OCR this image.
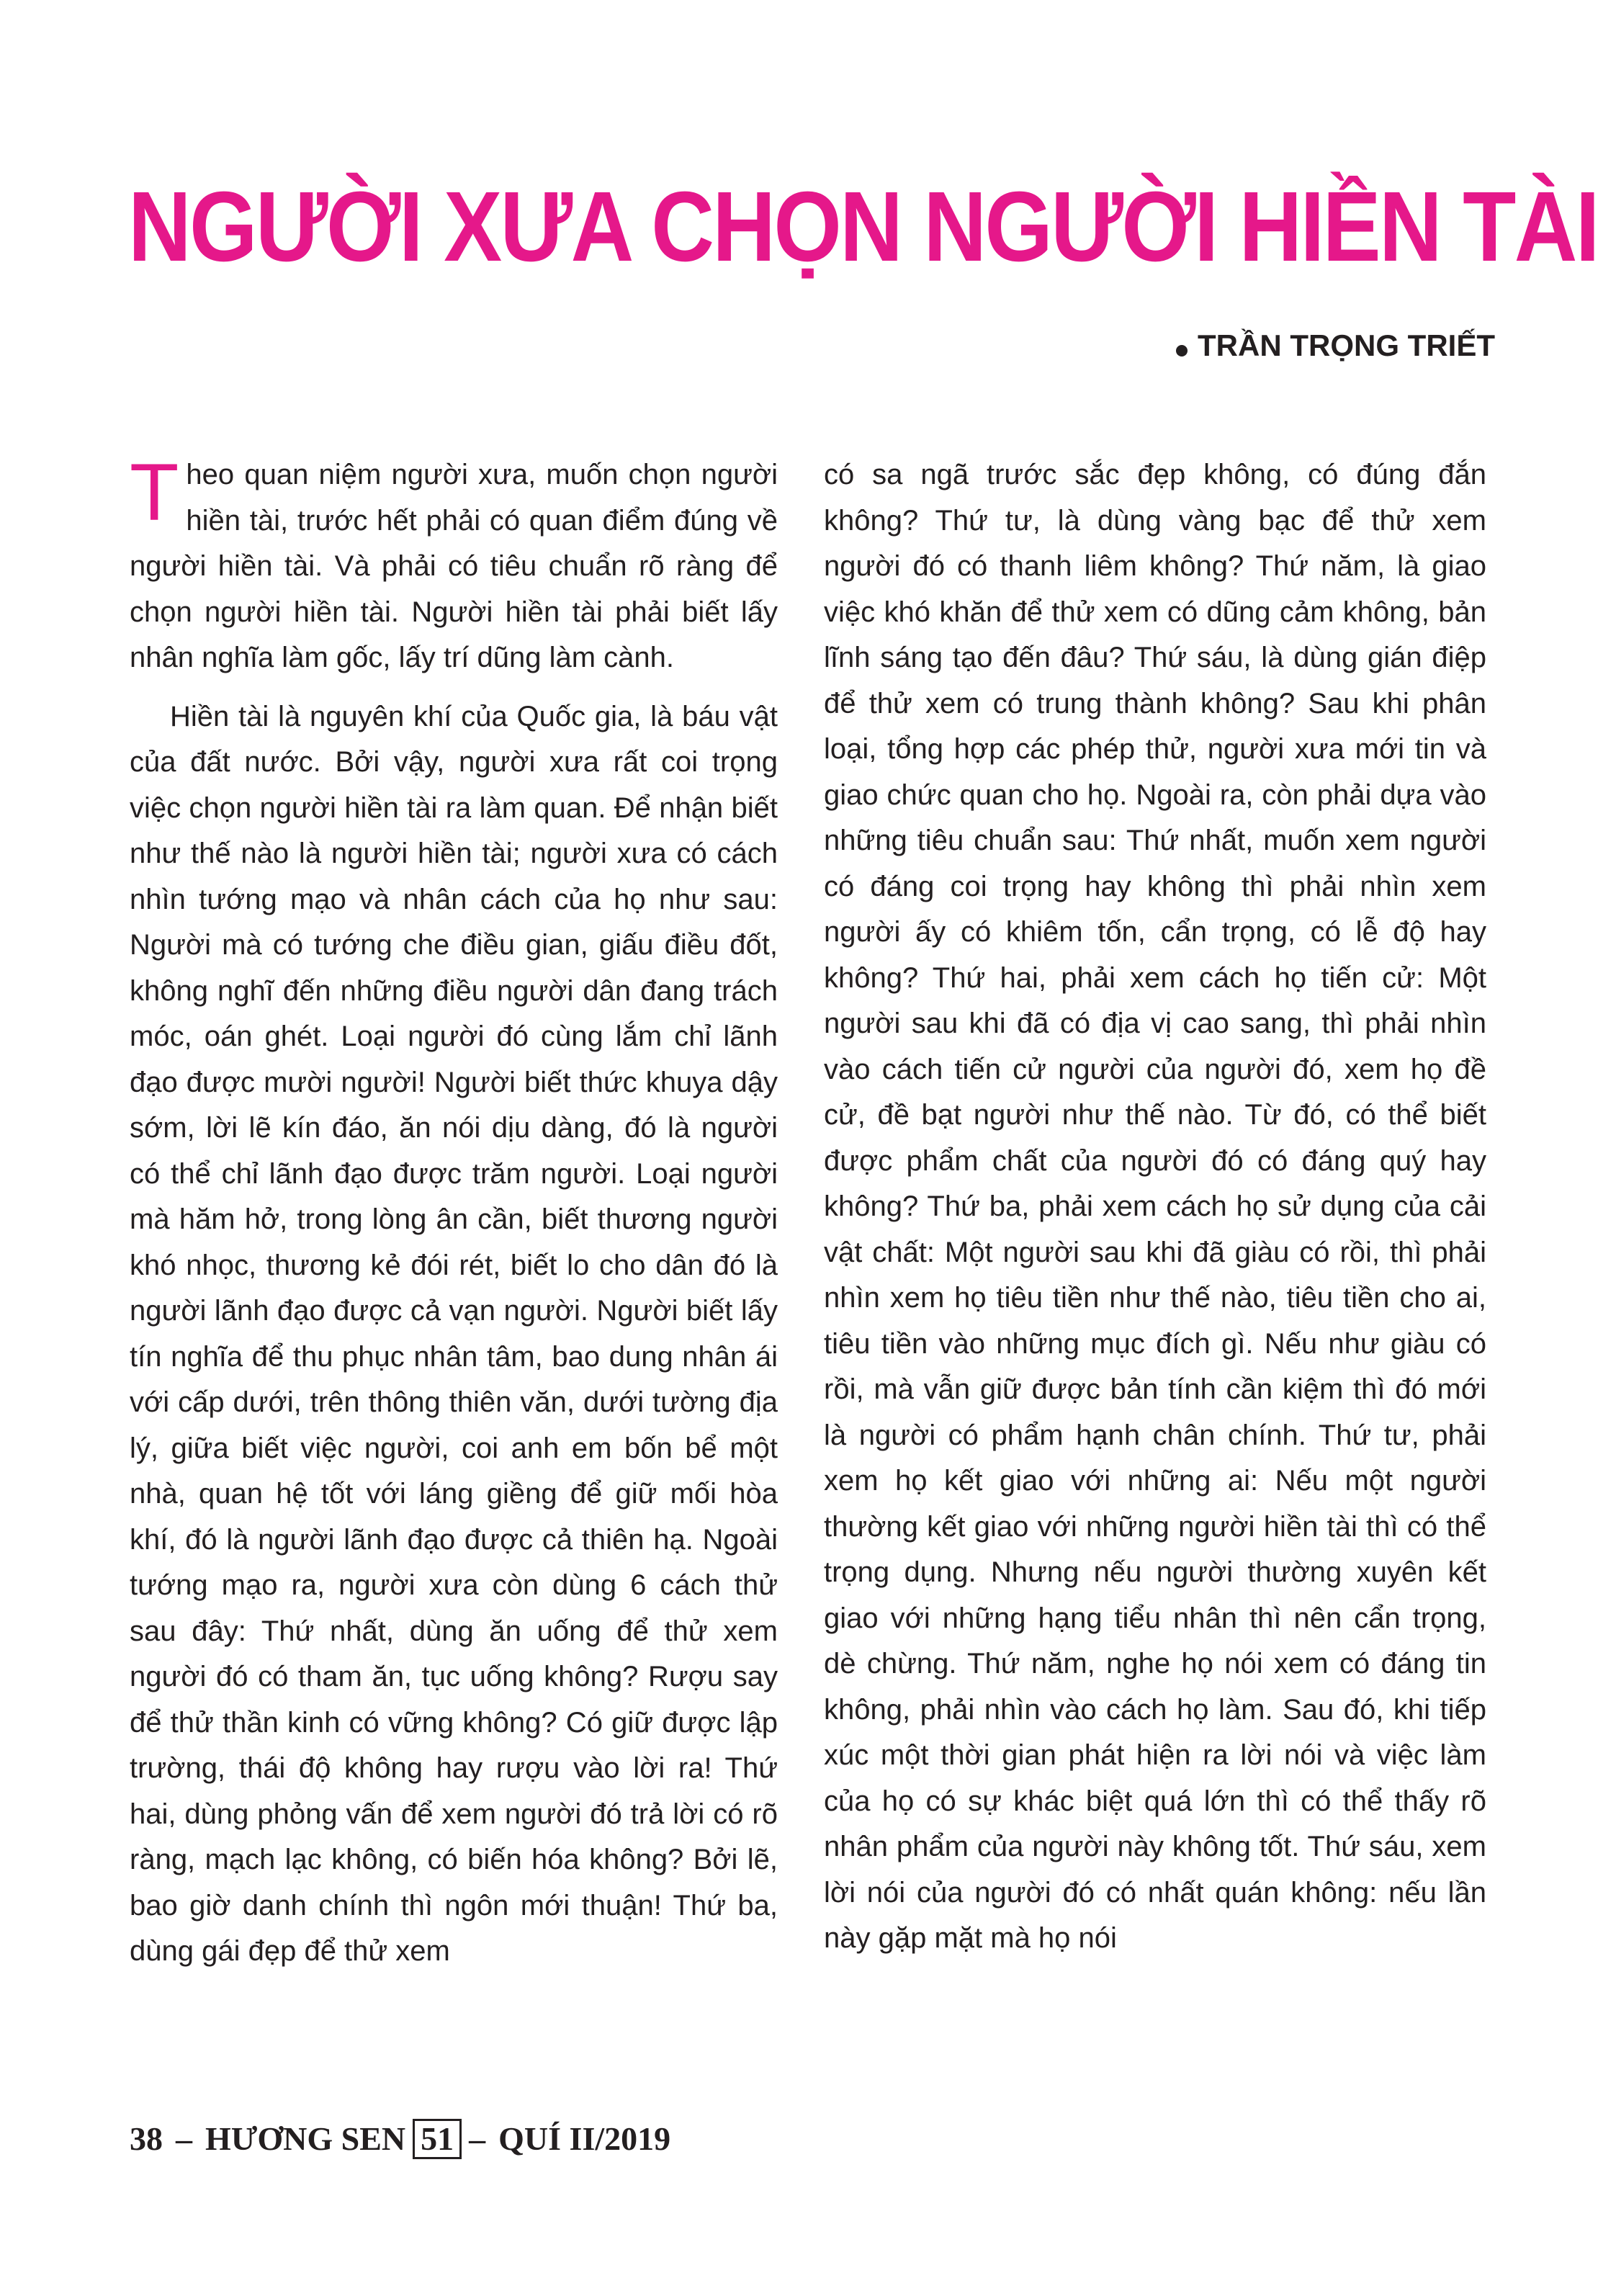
NGƯỜI XƯA CHỌN NGƯỜI HIỀN TÀI
TRẦN TRỌNG TRIẾT

Theo quan niệm người xưa, muốn chọn người hiền tài, trước hết phải có quan điểm đúng về người hiền tài. Và phải có tiêu chuẩn rõ ràng để chọn người hiền tài. Người hiền tài phải biết lấy nhân nghĩa làm gốc, lấy trí dũng làm cành.

Hiền tài là nguyên khí của Quốc gia, là báu vật của đất nước. Bởi vậy, người xưa rất coi trọng việc chọn người hiền tài ra làm quan. Để nhận biết như thế nào là người hiền tài; người xưa có cách nhìn tướng mạo và nhân cách của họ như sau: Người mà có tướng che điều gian, giấu điều đốt, không nghĩ đến những điều người dân đang trách móc, oán ghét. Loại người đó cùng lắm chỉ lãnh đạo được mười người! Người biết thức khuya dậy sớm, lời lẽ kín đáo, ăn nói dịu dàng, đó là người có thể chỉ lãnh đạo được trăm người. Loại người mà hăm hở, trong lòng ân cần, biết thương người khó nhọc, thương kẻ đói rét, biết lo cho dân đó là người lãnh đạo được cả vạn người. Người biết lấy tín nghĩa để thu phục nhân tâm, bao dung nhân ái với cấp dưới, trên thông thiên văn, dưới tường địa lý, giữa biết việc người, coi anh em bốn bể một nhà, quan hệ tốt với láng giềng để giữ mối hòa khí, đó là người lãnh đạo được cả thiên hạ. Ngoài tướng mạo ra, người xưa còn dùng 6 cách thử sau đây: Thứ nhất, dùng ăn uống để thử xem người đó có tham ăn, tục uống không? Rượu say để thử thần kinh có vững không? Có giữ được lập trường, thái độ không hay rượu vào lời ra! Thứ hai, dùng phỏng vấn để xem người đó trả lời có rõ ràng, mạch lạc không, có biến hóa không? Bởi lẽ, bao giờ danh chính thì ngôn mới thuận! Thứ ba, dùng gái đẹp để thử xem

có sa ngã trước sắc đẹp không, có đúng đắn không? Thứ tư, là dùng vàng bạc để thử xem người đó có thanh liêm không? Thứ năm, là giao việc khó khăn để thử xem có dũng cảm không, bản lĩnh sáng tạo đến đâu? Thứ sáu, là dùng gián điệp để thử xem có trung thành không? Sau khi phân loại, tổng hợp các phép thử, người xưa mới tin và giao chức quan cho họ. Ngoài ra, còn phải dựa vào những tiêu chuẩn sau: Thứ nhất, muốn xem người có đáng coi trọng hay không thì phải nhìn xem người ấy có khiêm tốn, cẩn trọng, có lễ độ hay không? Thứ hai, phải xem cách họ tiến cử: Một người sau khi đã có địa vị cao sang, thì phải nhìn vào cách tiến cử người của người đó, xem họ đề cử, đề bạt người như thế nào. Từ đó, có thể biết được phẩm chất của người đó có đáng quý hay không? Thứ ba, phải xem cách họ sử dụng của cải vật chất: Một người sau khi đã giàu có rồi, thì phải nhìn xem họ tiêu tiền như thế nào, tiêu tiền cho ai, tiêu tiền vào những mục đích gì. Nếu như giàu có rồi, mà vẫn giữ được bản tính cần kiệm thì đó mới là người có phẩm hạnh chân chính. Thứ tư, phải xem họ kết giao với những ai: Nếu một người thường kết giao với những người hiền tài thì có thể trọng dụng. Nhưng nếu người thường xuyên kết giao với những hạng tiểu nhân thì nên cẩn trọng, dè chừng. Thứ năm, nghe họ nói xem có đáng tin không, phải nhìn vào cách họ làm. Sau đó, khi tiếp xúc một thời gian phát hiện ra lời nói và việc làm của họ có sự khác biệt quá lớn thì có thể thấy rõ nhân phẩm của người này không tốt. Thứ sáu, xem lời nói của người đó có nhất quán không: nếu lần này gặp mặt mà họ nói

38 – HƯƠNG SEN 51 – QUÍ II/2019
